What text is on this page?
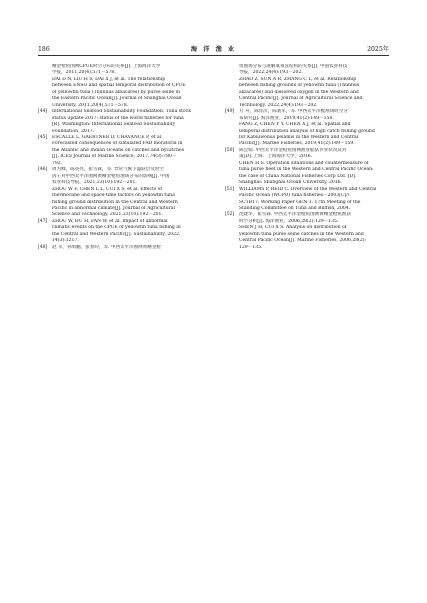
186	海 洋 渔 业	2025年
鳍金枪鱼围网CPUE时空分布的关系[J]. 上海海洋大学
学报，2011,20(4),571－578.
DAI D N, LIU H S, DAI X J, et al. The relationship
between ENSO and spatial temporal distribution of CPUE
of yellowfin tuna (Thunnus albacares) by purse seine in
the Eastern Pacific Ocean[J]. Journal of Shanghai Ocean
University, 2011,20(4),571－578.
[44] International Seafood Sustainability Foundation. Tuna stock
status update-2017: status of the world fisheries for tuna
[R]. Washington: International Seafood Sustainability
Foundation, 2017.
[45] ESCALLE L, GAERTNER D, CHAVANCE P, et al.
Forecasted consequences of simulated FAD moratoria in
the Atlantic and Indian Oceans on catches and bycatches
[J]. ICES Journal of Marine Science, 2017,74(3):780－
792.
[46] 周为峰，陈英亮，崔雪森，等. 异常气候下温跃层及时空
因子对中西太平洋围网黄鳍金枪鱼渔场分布的影响[J]. 中国
农业科技导报，2021,23(10):192－201.
ZHOU W F, CHEN L L, CUI X S, et al. Effects of
thermocline and space-time factors on yellowfin tuna
fishing ground distribution in the Central and Western
Pacific in abnormal climate[J]. Journal of Agricultural
Science and Technology, 2021,23(10):192－201.
[47] ZHOU W, HU H, FAN W, et al. Impact of abnormal
climatic events on the CPUE of yellowfin tuna fishing in
the Central and Western Pacific[J]. Sustainability, 2022,
14(3):1217.
[48] 赵 莘，孙勇鹏，张春玲，等. 中西太平洋围网黄鳍金枪
鱼渔场分布与溶解氧垂直结构的关系[J]. 中国农业科技
导报，2022,24(4):193－202.
ZHAO Z, SUN A R, ZHANG C L, et al. Relationship
between fishing grounds of yellowfin tuna (Thunnus
albacares) and dissolved oxygen in the Western and
Central Pacific[J]. Journal of Agricultural Science and
Technology, 2022,24(4):193－202.
[49] 方 舟，陈洋洋，陈新军，等. 中西太平洋鲣渔场时空分
布研究[J]. 海洋渔业，2019,41(2):149－158.
FANG Z, CHEN Y Y, CHEN X J, et al. Spatial and
temporal distribution analysis of high catch fishing ground
for Katsuwonus pelamis in the Western and Central
Pacific[J]. Marine Fisheries, 2019,41(2):149－159.
[50] 陈会娟. 中西太平洋金枪鱼围网渔业船队作业状况及对
策[D]. 上海：上海海洋大学，2016.
CHEN H S. Operation situations and countermeasure of
tuna purse fleet in the Western and Central Pacific Ocean:
the case of China National Fisheries Corp Ltd. [D].
Shanghai: Shanghai Ocean University, 2016.
[51] WILLIAMS P, REID C. Overview of the Western and Central
Pacific Ocean (WCPO) tuna fisheries－2003[C]//.
SCTB17: Working Paper GEN-1. 17th Meeting of the
Standing Committee on Tuna and Billfish, 2004.
[52] 沈建华，崔雪森. 中西太平洋金枪鱼围网黄鳍金枪鱼渔获
时空分析[J]. 海洋渔业，2006,28(2):129－135.
SHEN J H, CUI X S. Analysis on distribution of
yellowfin tuna purse seine catches in the Western and
Central Pacific Ocean[J]. Marine Fisheries, 2006,28(2):
129－135.
